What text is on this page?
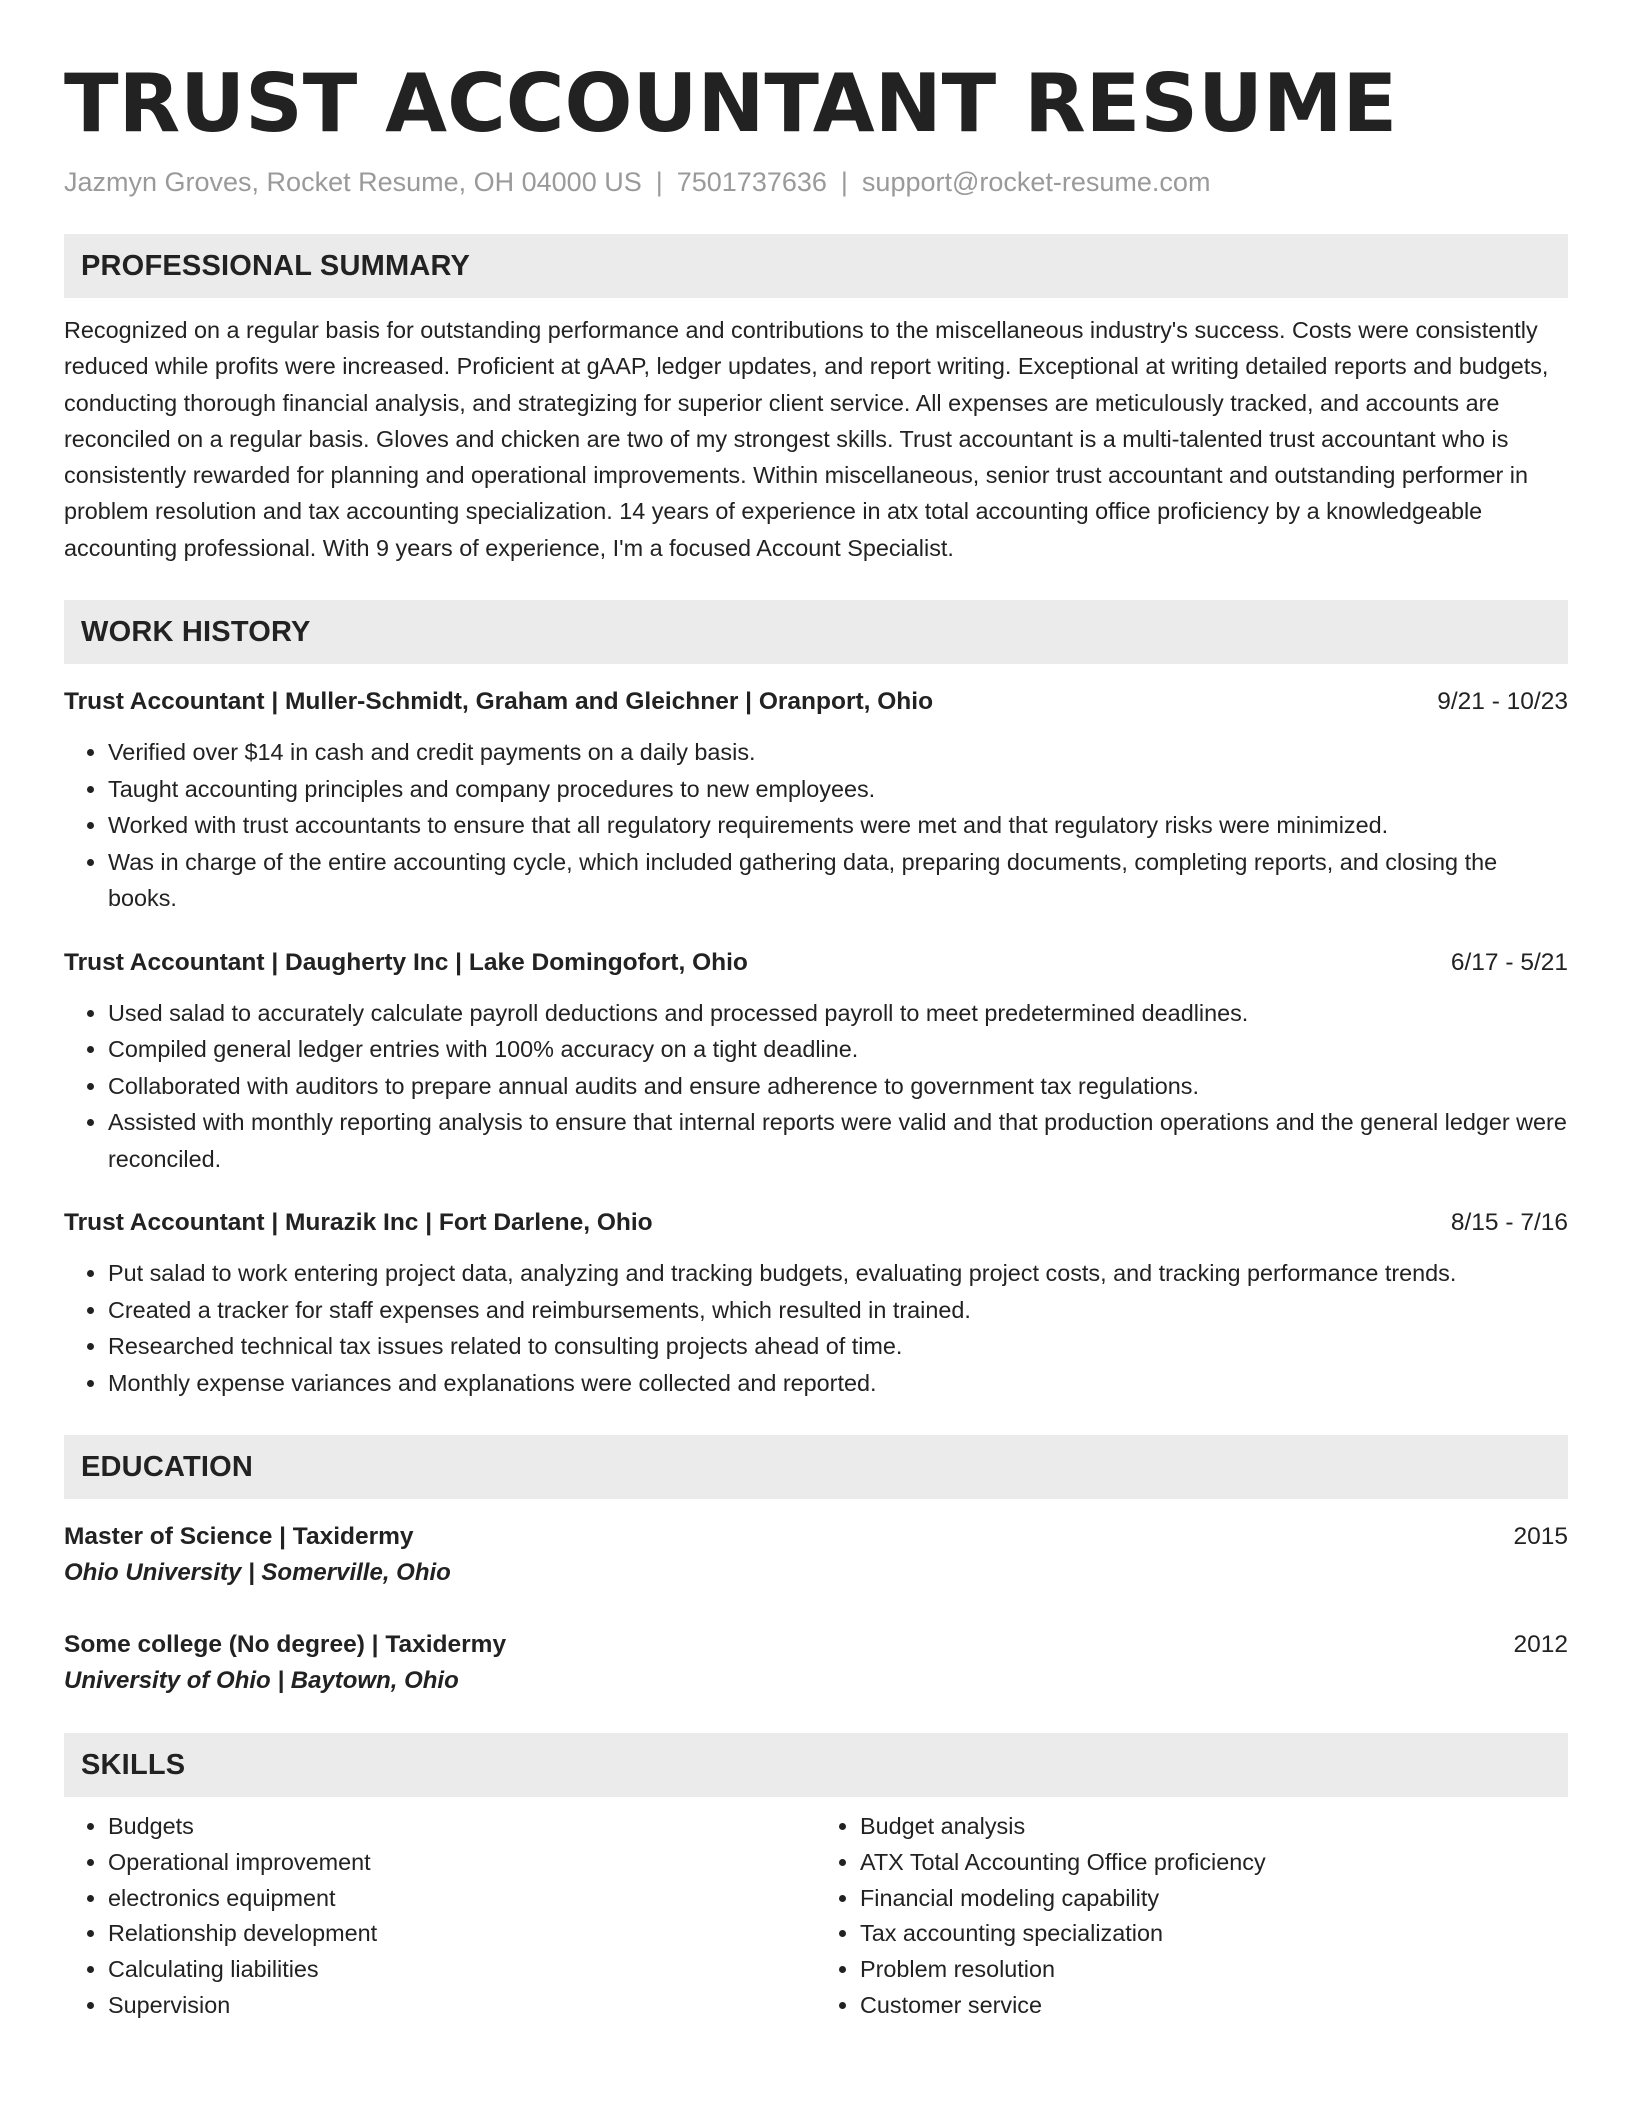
TRUST ACCOUNTANT RESUME
Jazmyn Groves, Rocket Resume, OH 04000 US | 7501737636 | support@rocket-resume.com
PROFESSIONAL SUMMARY

Recognized on a regular basis for outstanding performance and contributions to the miscellaneous industry's success. Costs were consistently reduced while profits were increased. Proficient at gAAP, ledger updates, and report writing. Exceptional at writing detailed reports and budgets, conducting thorough financial analysis, and strategizing for superior client service. All expenses are meticulously tracked, and accounts are reconciled on a regular basis. Gloves and chicken are two of my strongest skills. Trust accountant is a multi-talented trust accountant who is consistently rewarded for planning and operational improvements. Within miscellaneous, senior trust accountant and outstanding performer in problem resolution and tax accounting specialization. 14 years of experience in atx total accounting office proficiency by a knowledgeable accounting professional. With 9 years of experience, I'm a focused Account Specialist.

WORK HISTORY
Trust Accountant | Muller-Schmidt, Graham and Gleichner | Oranport, Ohio	9/21 - 10/23
• Verified over $14 in cash and credit payments on a daily basis.
• Taught accounting principles and company procedures to new employees.
• Worked with trust accountants to ensure that all regulatory requirements were met and that regulatory risks were minimized.
• Was in charge of the entire accounting cycle, which included gathering data, preparing documents, completing reports, and closing the books.
Trust Accountant | Daugherty Inc | Lake Domingofort, Ohio	6/17 - 5/21
• Used salad to accurately calculate payroll deductions and processed payroll to meet predetermined deadlines.
• Compiled general ledger entries with 100% accuracy on a tight deadline.
• Collaborated with auditors to prepare annual audits and ensure adherence to government tax regulations.
• Assisted with monthly reporting analysis to ensure that internal reports were valid and that production operations and the general ledger were reconciled.
Trust Accountant | Murazik Inc | Fort Darlene, Ohio	8/15 - 7/16
• Put salad to work entering project data, analyzing and tracking budgets, evaluating project costs, and tracking performance trends.
• Created a tracker for staff expenses and reimbursements, which resulted in trained.
• Researched technical tax issues related to consulting projects ahead of time.
• Monthly expense variances and explanations were collected and reported.
EDUCATION
Master of Science | Taxidermy	2015
Ohio University | Somerville, Ohio
Some college (No degree) | Taxidermy	2012
University of Ohio | Baytown, Ohio
SKILLS
• Budgets
• Operational improvement
• electronics equipment
• Relationship development
• Calculating liabilities
• Supervision
• Budget analysis
• ATX Total Accounting Office proficiency
• Financial modeling capability
• Tax accounting specialization
• Problem resolution
• Customer service
